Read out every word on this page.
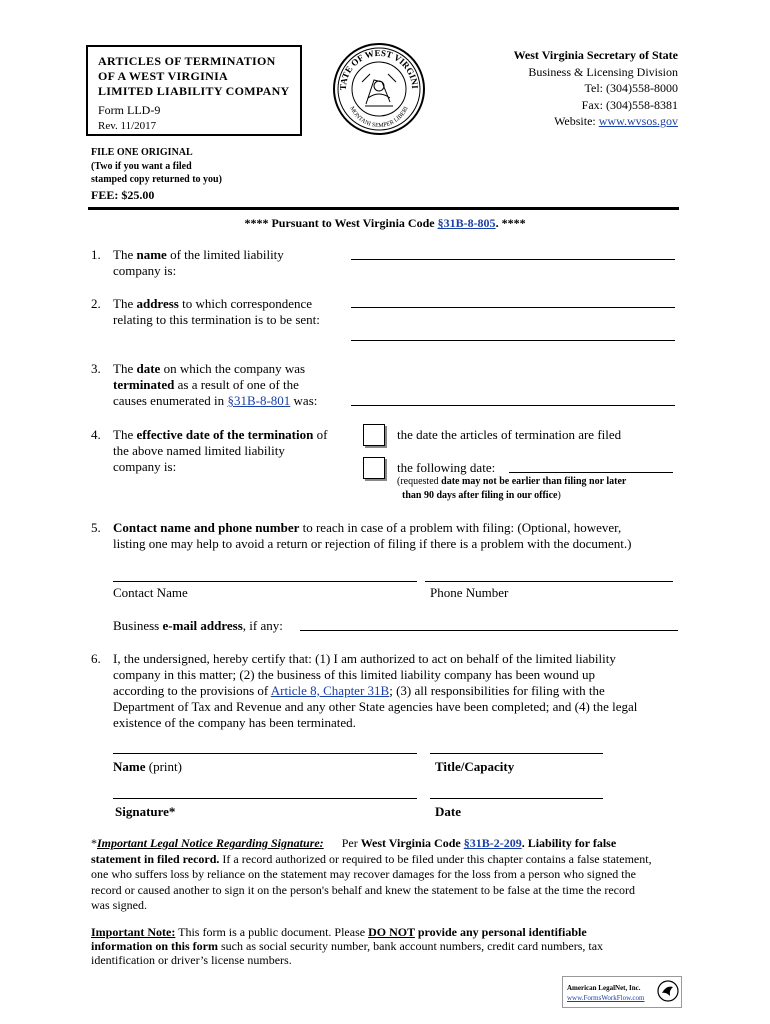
ARTICLES OF TERMINATION
OF A WEST VIRGINIA
LIMITED LIABILITY COMPANY
Form LLD-9
Rev. 11/2017
TATE OF WEST VIRGINI
MONTANI SEMPER LIBERI
West Virginia Secretary of State
Business & Licensing Division
Tel: (304)558-8000
Fax: (304)558-8381
Website: www.wvsos.gov
FILE ONE ORIGINAL
(Two if you want a filed
stamped copy returned to you)
FEE: $25.00
**** Pursuant to West Virginia Code §31B-8-805. ****
1. The name of the limited liability
company is:
2. The address to which correspondence
relating to this termination is to be sent:
3. The date on which the company was
terminated as a result of one of the
causes enumerated in §31B-8-801 was:
4. The effective date of the termination of
the above named limited liability
company is:
the date the articles of termination are filed
the following date:
(requested date may not be earlier than filing nor later
than 90 days after filing in our office)
5. Contact name and phone number to reach in case of a problem with filing: (Optional, however,
listing one may help to avoid a return or rejection of filing if there is a problem with the document.)
Contact Name	Phone Number
Business e-mail address, if any:
6. I, the undersigned, hereby certify that: (1) I am authorized to act on behalf of the limited liability
company in this matter; (2) the business of this limited liability company has been wound up
according to the provisions of Article 8, Chapter 31B; (3) all responsibilities for filing with the
Department of Tax and Revenue and any other State agencies have been completed; and (4) the legal
existence of the company has been terminated.
Name (print)	Title/Capacity
Signature*	Date
*Important Legal Notice Regarding Signature: Per West Virginia Code §31B-2-209. Liability for false
statement in filed record. If a record authorized or required to be filed under this chapter contains a false statement,
one who suffers loss by reliance on the statement may recover damages for the loss from a person who signed the
record or caused another to sign it on the person's behalf and knew the statement to be false at the time the record
was signed.
Important Note: This form is a public document. Please DO NOT provide any personal identifiable
information on this form such as social security number, bank account numbers, credit card numbers, tax
identification or driver’s license numbers.
American LegalNet, Inc.
www.FormsWorkFlow.com
